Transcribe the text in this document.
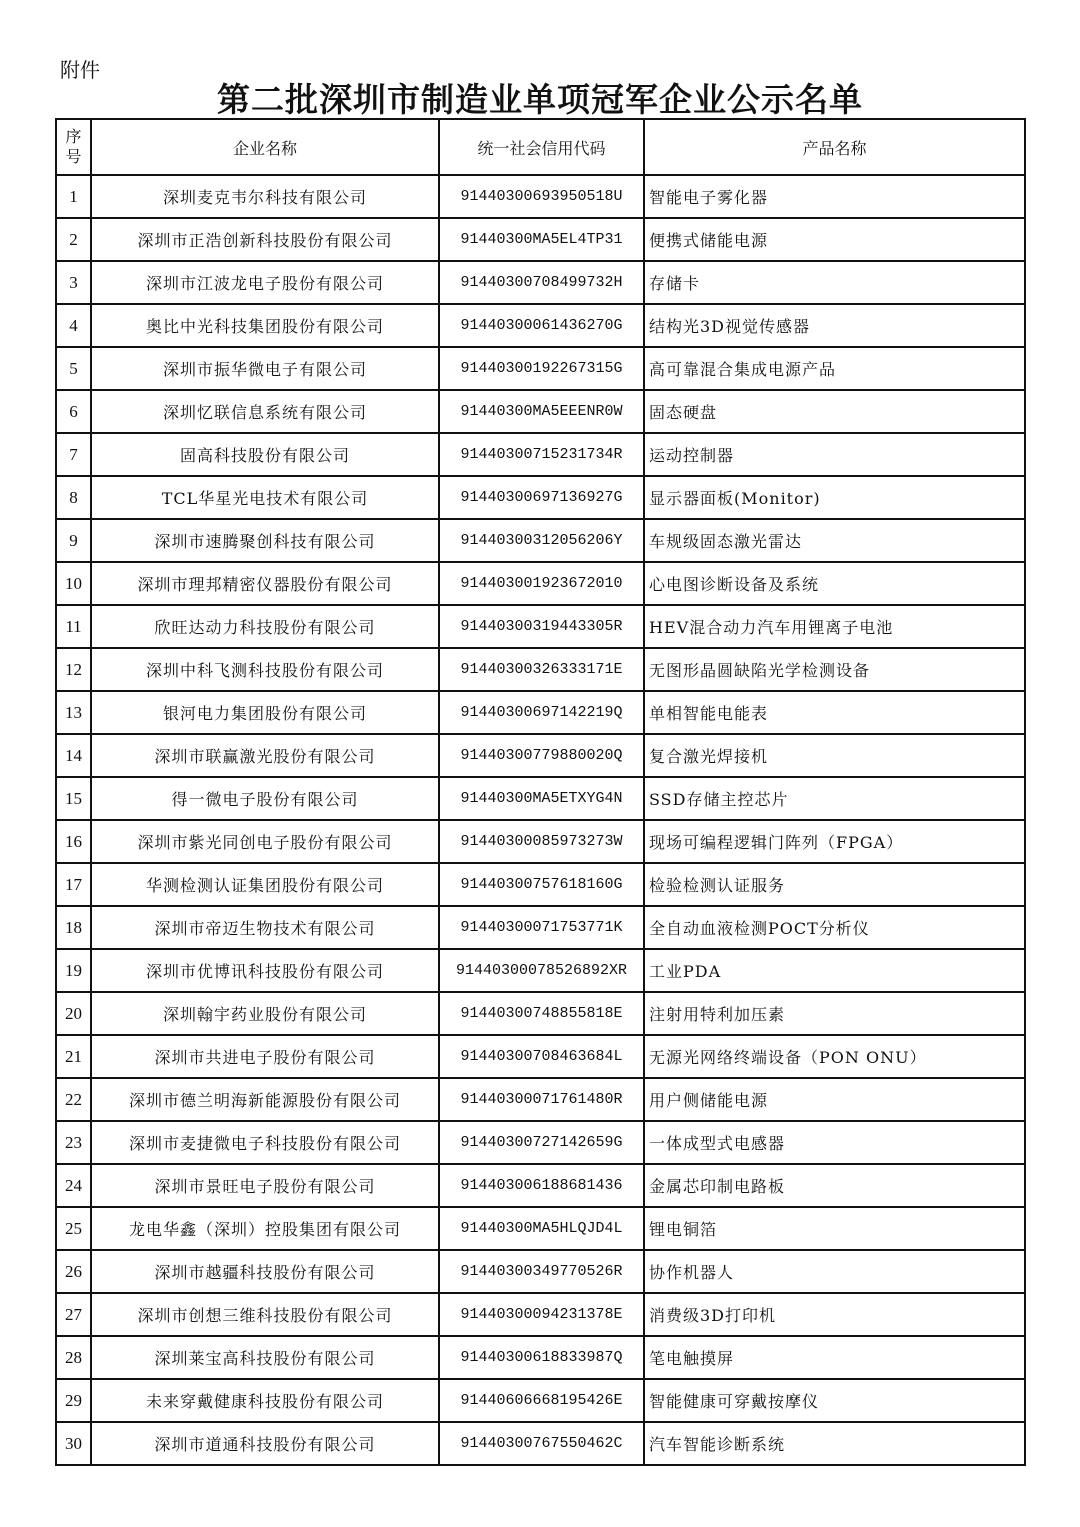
附件
第二批深圳市制造业单项冠军企业公示名单
序
号	企业名称	统一社会信用代码	产品名称
1	深圳麦克韦尔科技有限公司	91440300693950518U	智能电子雾化器
2	深圳市正浩创新科技股份有限公司	91440300MA5EL4TP31	便携式储能电源
3	深圳市江波龙电子股份有限公司	91440300708499732H	存储卡
4	奥比中光科技集团股份有限公司	91440300061436270G	结构光3D视觉传感器
5	深圳市振华微电子有限公司	91440300192267315G	高可靠混合集成电源产品
6	深圳忆联信息系统有限公司	91440300MA5EEENR0W	固态硬盘
7	固高科技股份有限公司	91440300715231734R	运动控制器
8	TCL华星光电技术有限公司	91440300697136927G	显示器面板(Monitor)
9	深圳市速腾聚创科技有限公司	91440300312056206Y	车规级固态激光雷达
10	深圳市理邦精密仪器股份有限公司	914403001923672010	心电图诊断设备及系统
11	欣旺达动力科技股份有限公司	91440300319443305R	HEV混合动力汽车用锂离子电池
12	深圳中科飞测科技股份有限公司	91440300326333171E	无图形晶圆缺陷光学检测设备
13	银河电力集团股份有限公司	91440300697142219Q	单相智能电能表
14	深圳市联赢激光股份有限公司	91440300779880020Q	复合激光焊接机
15	得一微电子股份有限公司	91440300MA5ETXYG4N	SSD存储主控芯片
16	深圳市紫光同创电子股份有限公司	91440300085973273W	现场可编程逻辑门阵列（FPGA）
17	华测检测认证集团股份有限公司	91440300757618160G	检验检测认证服务
18	深圳市帝迈生物技术有限公司	91440300071753771K	全自动血液检测POCT分析仪
19	深圳市优博讯科技股份有限公司	91440300078526892XR	工业PDA
20	深圳翰宇药业股份有限公司	91440300748855818E	注射用特利加压素
21	深圳市共进电子股份有限公司	91440300708463684L	无源光网络终端设备（PON ONU）
22	深圳市德兰明海新能源股份有限公司	91440300071761480R	用户侧储能电源
23	深圳市麦捷微电子科技股份有限公司	91440300727142659G	一体成型式电感器
24	深圳市景旺电子股份有限公司	914403006188681436	金属芯印制电路板
25	龙电华鑫（深圳）控股集团有限公司	91440300MA5HLQJD4L	锂电铜箔
26	深圳市越疆科技股份有限公司	91440300349770526R	协作机器人
27	深圳市创想三维科技股份有限公司	91440300094231378E	消费级3D打印机
28	深圳莱宝高科技股份有限公司	91440300618833987Q	笔电触摸屏
29	未来穿戴健康科技股份有限公司	91440606668195426E	智能健康可穿戴按摩仪
30	深圳市道通科技股份有限公司	91440300767550462C	汽车智能诊断系统
